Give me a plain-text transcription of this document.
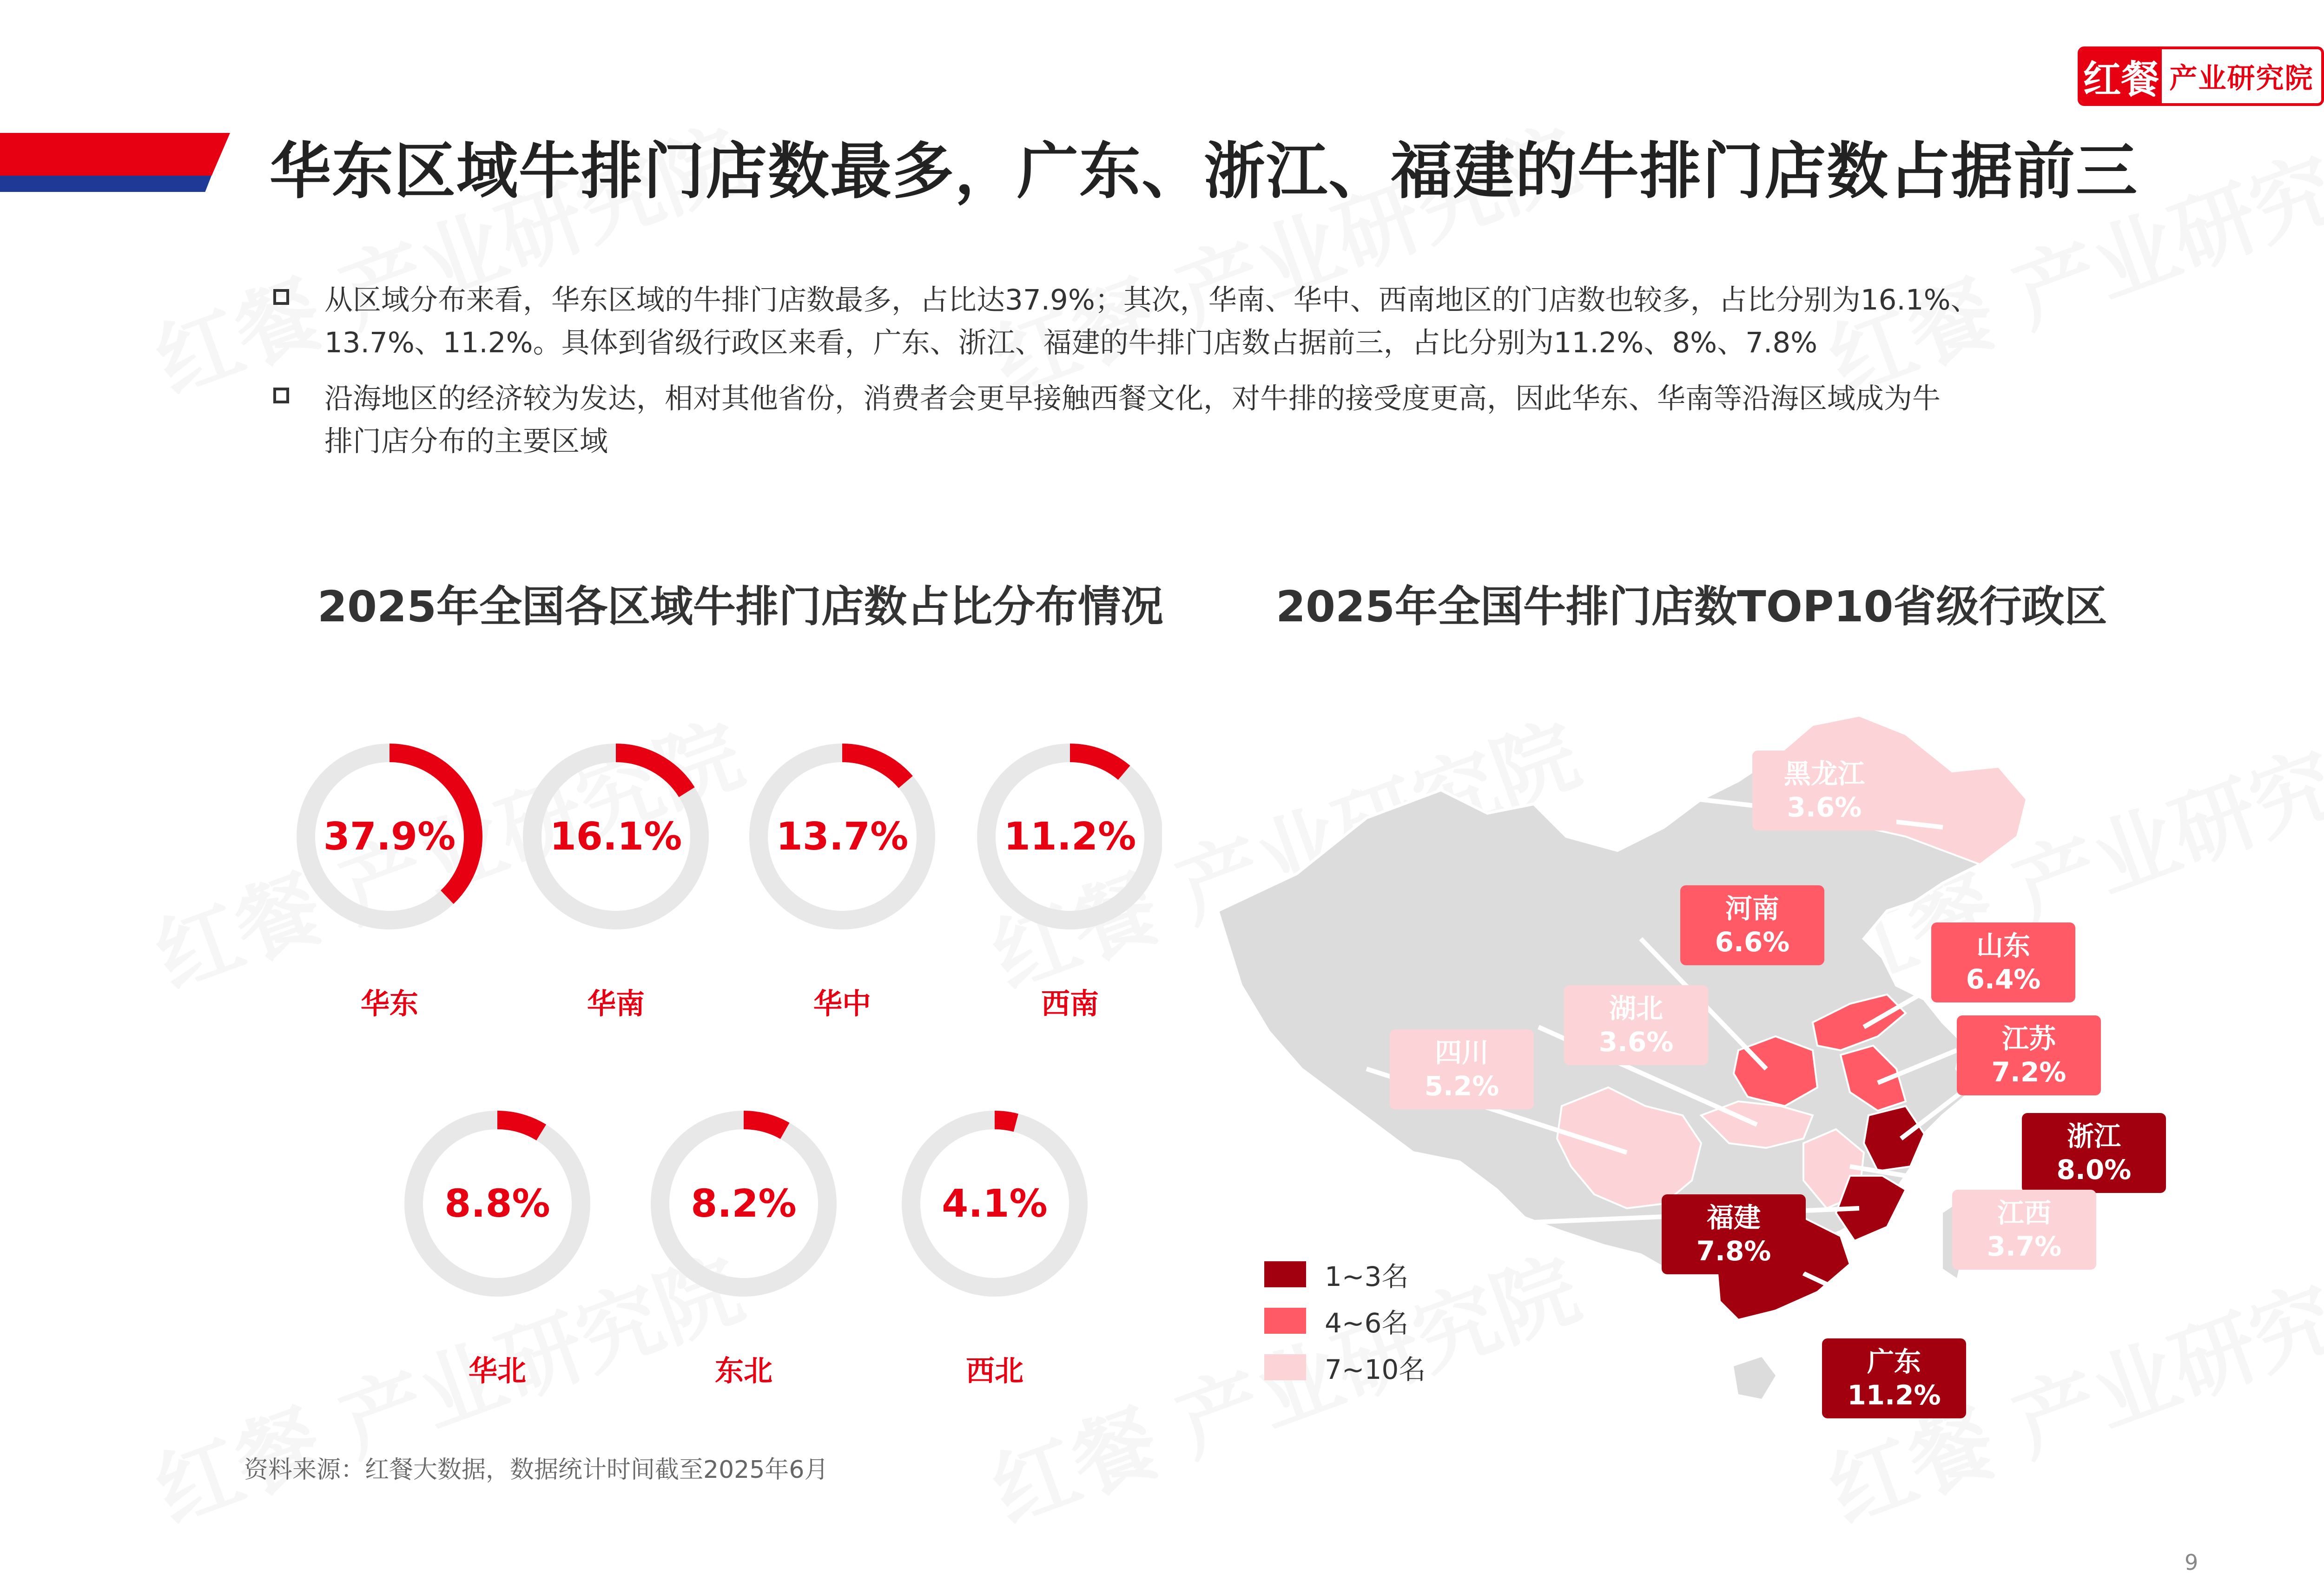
红餐 产业研究院
华东区域牛排门店数最多，广东、浙江、福建的牛排门店数占据前三
从区域分布来看，华东区域的牛排门店数最多，占比达37.9%；其次，华南、华中、西南地区的门店数也较多，占比分别为16.1%、
13.7%、11.2%。具体到省级行政区来看，广东、浙江、福建的牛排门店数占据前三，占比分别为11.2%、8%、7.8%
沿海地区的经济较为发达，相对其他省份，消费者会更早接触西餐文化，对牛排的接受度更高，因此华东、华南等沿海区域成为牛
排门店分布的主要区域
2025年全国各区域牛排门店数占比分布情况	2025年全国牛排门店数TOP10省级行政区
37.9% 16.1% 13.7%	11.2%
8.8%	8.2%	4.1%
华东	华南	华中	西南
华北	东北	西北
黑龙江
3.6%
河南
6.6%	山东
6.4%
湖北
3.6%	江苏
7.2%
四川
5.2%
浙江
8.0%
江西
3.7%
福建
7.8%
广东
11.2%
1~3名
4~6名
7~10名
资料来源：红餐大数据，数据统计时间截至2025年6月
9
